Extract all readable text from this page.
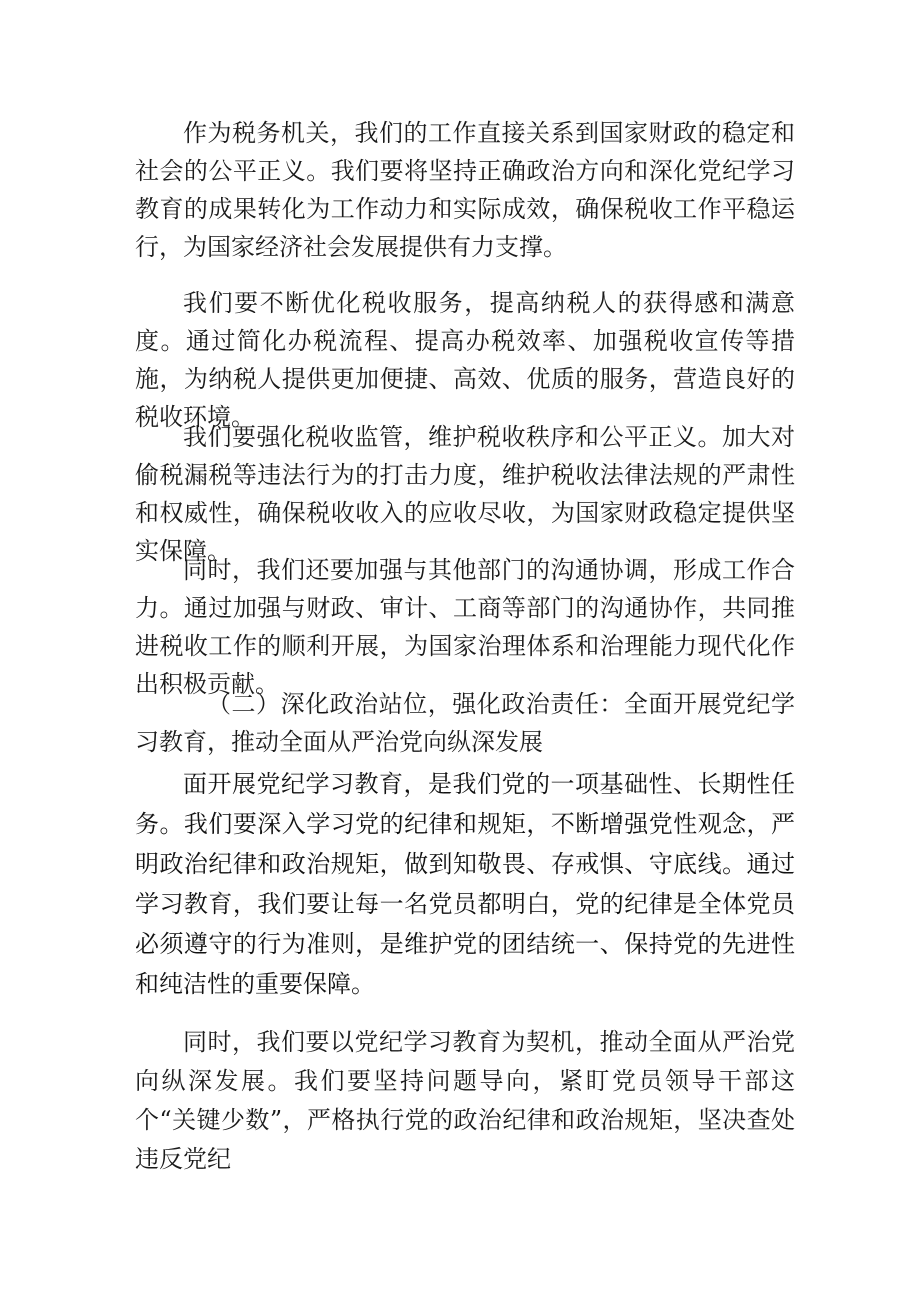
作为税务机关，我们的工作直接关系到国家财政的稳定和社会的公平正义。我们要将坚持正确政治方向和深化党纪学习教育的成果转化为工作动力和实际成效，确保税收工作平稳运行，为国家经济社会发展提供有力支撑。

我们要不断优化税收服务，提高纳税人的获得感和满意度。通过简化办税流程、提高办税效率、加强税收宣传等措施，为纳税人提供更加便捷、高效、优质的服务，营造良好的税收环境。

我们要强化税收监管，维护税收秩序和公平正义。加大对偷税漏税等违法行为的打击力度，维护税收法律法规的严肃性和权威性，确保税收收入的应收尽收，为国家财政稳定提供坚实保障。

同时，我们还要加强与其他部门的沟通协调，形成工作合力。通过加强与财政、审计、工商等部门的沟通协作，共同推进税收工作的顺利开展，为国家治理体系和治理能力现代化作出积极贡献。

（二）深化政治站位，强化政治责任：全面开展党纪学习教育，推动全面从严治党向纵深发展

面开展党纪学习教育，是我们党的一项基础性、长期性任务。我们要深入学习党的纪律和规矩，不断增强党性观念，严明政治纪律和政治规矩，做到知敬畏、存戒惧、守底线。通过学习教育，我们要让每一名党员都明白，党的纪律是全体党员必须遵守的行为准则，是维护党的团结统一、保持党的先进性和纯洁性的重要保障。

同时，我们要以党纪学习教育为契机，推动全面从严治党向纵深发展。我们要坚持问题导向，紧盯党员领导干部这个“关键少数”，严格执行党的政治纪律和政治规矩，坚决查处违反党纪
